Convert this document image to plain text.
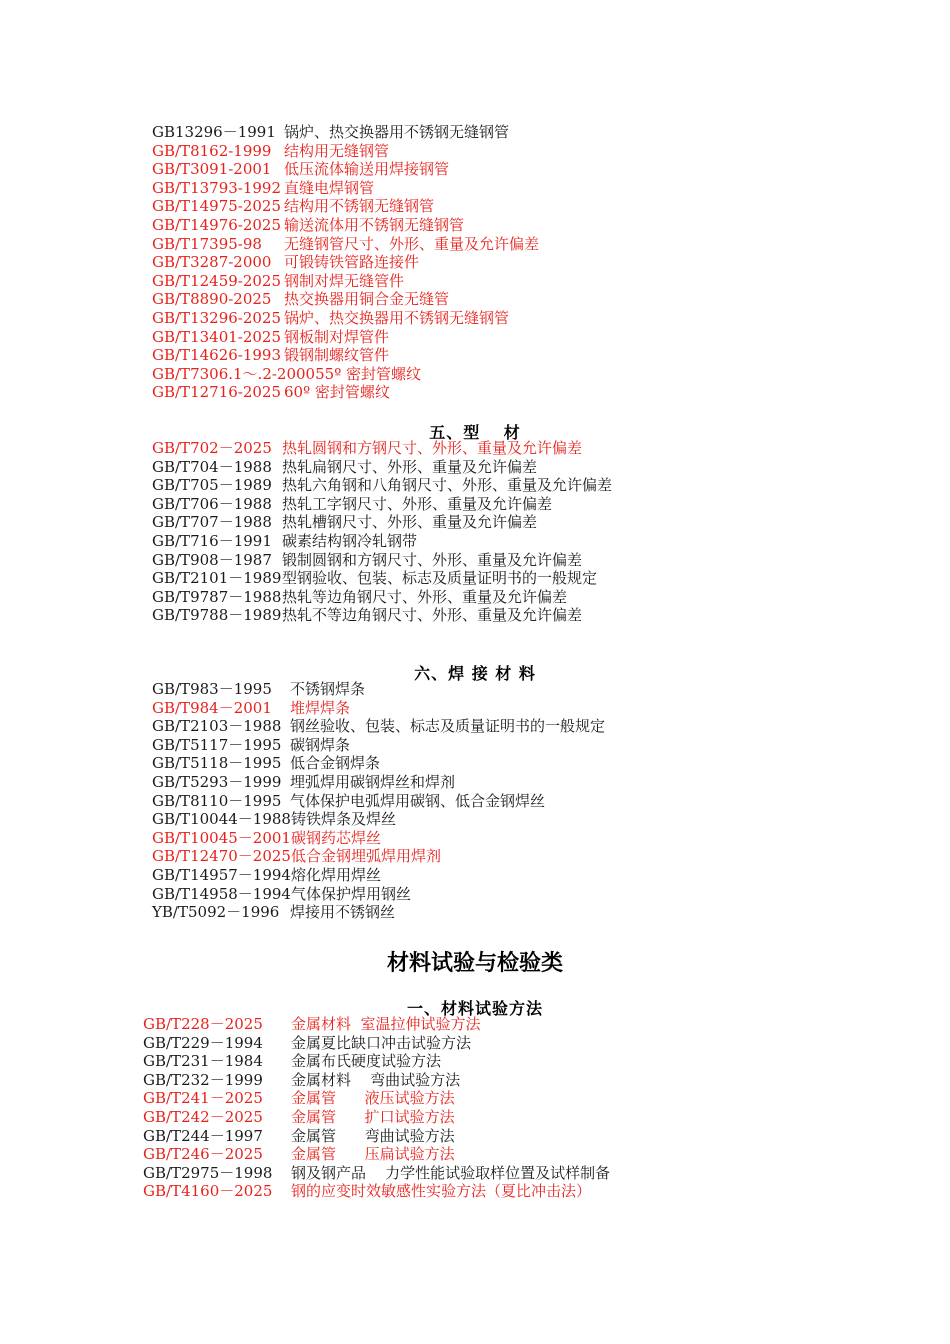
GB13296－1991 锅炉、热交换器用不锈钢无缝钢管
GB/T8162-1999 结构用无缝钢管
GB/T3091-2001 低压流体输送用焊接钢管
GB/T13793-1992 直缝电焊钢管
GB/T14975-2025 结构用不锈钢无缝钢管
GB/T14976-2025 输送流体用不锈钢无缝钢管
GB/T17395-98	无缝钢管尺寸、外形、重量及允许偏差
GB/T3287-2000 可锻铸铁管路连接件
GB/T12459-2025 钢制对焊无缝管件
GB/T8890-2025 热交换器用铜合金无缝管
GB/T13296-2025 锅炉、热交换器用不锈钢无缝钢管
GB/T13401-2025 钢板制对焊管件
GB/T14626-1993 锻钢制螺纹管件
GB/T7306.1～.2-2000 55º 密封管螺纹
GB/T12716-2025 60º 密封管螺纹
五、型　 材
GB/T702－2025 热轧圆钢和方钢尺寸、外形、重量及允许偏差
GB/T704－1988 热轧扁钢尺寸、外形、重量及允许偏差
GB/T705－1989 热轧六角钢和八角钢尺寸、外形、重量及允许偏差
GB/T706－1988 热轧工字钢尺寸、外形、重量及允许偏差
GB/T707－1988 热轧槽钢尺寸、外形、重量及允许偏差
GB/T716－1991 碳素结构钢冷轧钢带
GB/T908－1987 锻制圆钢和方钢尺寸、外形、重量及允许偏差
GB/T2101－1989 型钢验收、包装、标志及质量证明书的一般规定
GB/T9787－1988 热轧等边角钢尺寸、外形、重量及允许偏差
GB/T9788－1989 热轧不等边角钢尺寸、外形、重量及允许偏差
六、焊 接 材 料
GB/T983－1995	不锈钢焊条
GB/T984－2001	堆焊焊条
GB/T2103－1988 钢丝验收、包装、标志及质量证明书的一般规定
GB/T5117－1995 碳钢焊条
GB/T5118－1995 低合金钢焊条
GB/T5293－1999 埋弧焊用碳钢焊丝和焊剂
GB/T8110－1995 气体保护电弧焊用碳钢、低合金钢焊丝
GB/T10044－1988 铸铁焊条及焊丝
GB/T10045－2001 碳钢药芯焊丝
GB/T12470－2025 低合金钢埋弧焊用焊剂
GB/T14957－1994 熔化焊用焊丝
GB/T14958－1994 气体保护焊用钢丝
YB/T5092－1996 焊接用不锈钢丝
材料试验与检验类
一、材料试验方法
GB/T228－2025	金属材料  室温拉伸试验方法
GB/T229－1994	金属夏比缺口冲击试验方法
GB/T231－1984	金属布氏硬度试验方法
GB/T232－1999	金属材料    弯曲试验方法
GB/T241－2025	金属管      液压试验方法
GB/T242－2025	金属管      扩口试验方法
GB/T244－1997	金属管      弯曲试验方法
GB/T246－2025	金属管      压扁试验方法
GB/T2975－1998	钢及钢产品    力学性能试验取样位置及试样制备
GB/T4160－2025	钢的应变时效敏感性实验方法（夏比冲击法）
